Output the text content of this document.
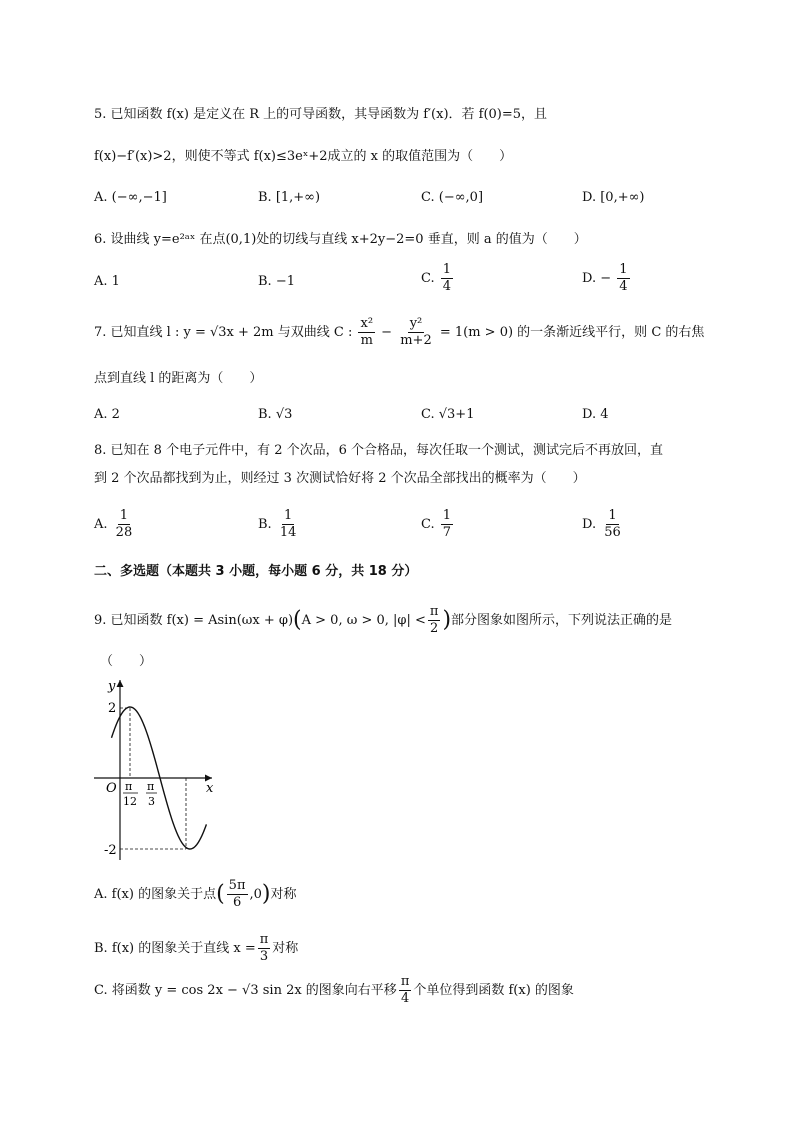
5. 已知函数 f(x) 是定义在 R 上的可导函数，其导函数为 f′(x)．若 f(0)=5，且
f(x)−f′(x)>2，则使不等式 f(x)≤3eˣ+2成立的 x 的取值范围为（　　）
A. (−∞,−1]	B. [1,+∞)	C. (−∞,0]	D. [0,+∞)
6. 设曲线 y=e²ᵃˣ 在点(0,1)处的切线与直线 x+2y−2=0 垂直，则 a 的值为（　　）
A. 1	B. −1	C. $\frac{1}{4}$	D. − $\frac{1}{4}$
7. 已知直线 l : y = √3x + 2m 与双曲线 C : $\frac{\text{x²}}{m} - \frac{\text{y²}}{m+2} = 1(m > 0)$ 的一条渐近线平行，则 C 的右焦
点到直线 l 的距离为（　　）
A. 2	B. √3	C. √3+1	D. 4
8. 已知在 8 个电子元件中，有 2 个次品，6 个合格品，每次任取一个测试，测试完后不再放回，直
到 2 个次品都找到为止，则经过 3 次测试恰好将 2 个次品全部找出的概率为（　　）
A. $\frac{1}{28}$	B. $\frac{1}{14}$	C. $\frac{1}{7}$	D. $\frac{1}{56}$
二、多选题（本题共 3 小题，每小题 6 分，共 18 分）
9. 已知函数 f(x) = Asin(ωx + φ)(A > 0, ω > 0, $|\varphi| < \frac{\pi}{2}$ )部分图象如图所示，下列说法正确的是
（　　）
y
x
O
2
-2
π
12
π
3
A. f(x) 的图象关于点( $\frac{5\pi}{6} ,0$)对称
B. f(x) 的图象关于直线 $x = \frac{\pi}{3}$ 对称
C. 将函数 y = cos 2x − √3 sin 2x 的图象向右平移 $\frac{\pi}{4}$ 个单位得到函数 f(x) 的图象
